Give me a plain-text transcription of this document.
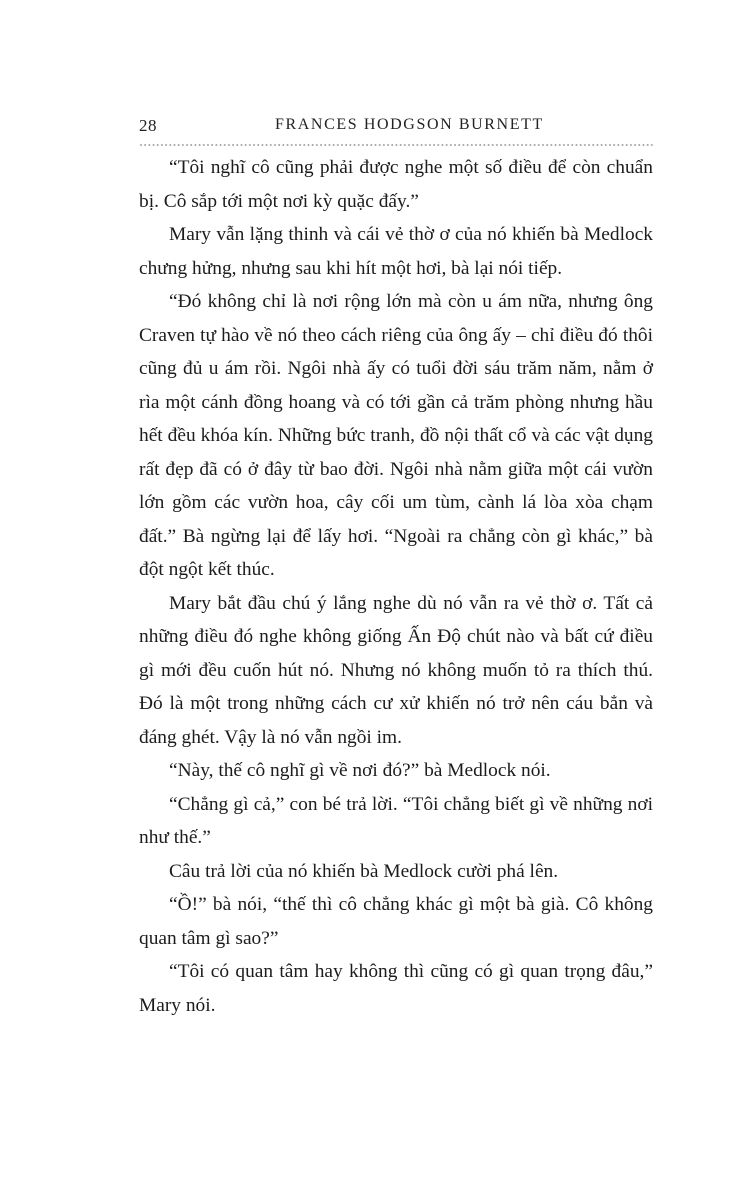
28	FRANCES HODGSON BURNETT

“Tôi nghĩ cô cũng phải được nghe một số điều để còn chuẩn bị. Cô sắp tới một nơi kỳ quặc đấy.”

Mary vẫn lặng thinh và cái vẻ thờ ơ của nó khiến bà Medlock chưng hửng, nhưng sau khi hít một hơi, bà lại nói tiếp.

“Đó không chỉ là nơi rộng lớn mà còn u ám nữa, nhưng ông Craven tự hào về nó theo cách riêng của ông ấy – chỉ điều đó thôi cũng đủ u ám rồi. Ngôi nhà ấy có tuổi đời sáu trăm năm, nằm ở rìa một cánh đồng hoang và có tới gần cả trăm phòng nhưng hầu hết đều khóa kín. Những bức tranh, đồ nội thất cổ và các vật dụng rất đẹp đã có ở đây từ bao đời. Ngôi nhà nằm giữa một cái vườn lớn gồm các vườn hoa, cây cối um tùm, cành lá lòa xòa chạm đất.” Bà ngừng lại để lấy hơi. “Ngoài ra chẳng còn gì khác,” bà đột ngột kết thúc.

Mary bắt đầu chú ý lắng nghe dù nó vẫn ra vẻ thờ ơ. Tất cả những điều đó nghe không giống Ấn Độ chút nào và bất cứ điều gì mới đều cuốn hút nó. Nhưng nó không muốn tỏ ra thích thú. Đó là một trong những cách cư xử khiến nó trở nên cáu bẳn và đáng ghét. Vậy là nó vẫn ngồi im.

“Này, thế cô nghĩ gì về nơi đó?” bà Medlock nói.

“Chẳng gì cả,” con bé trả lời. “Tôi chẳng biết gì về những nơi như thế.”

Câu trả lời của nó khiến bà Medlock cười phá lên.

“Ồ!” bà nói, “thế thì cô chẳng khác gì một bà già. Cô không quan tâm gì sao?”

“Tôi có quan tâm hay không thì cũng có gì quan trọng đâu,” Mary nói.
